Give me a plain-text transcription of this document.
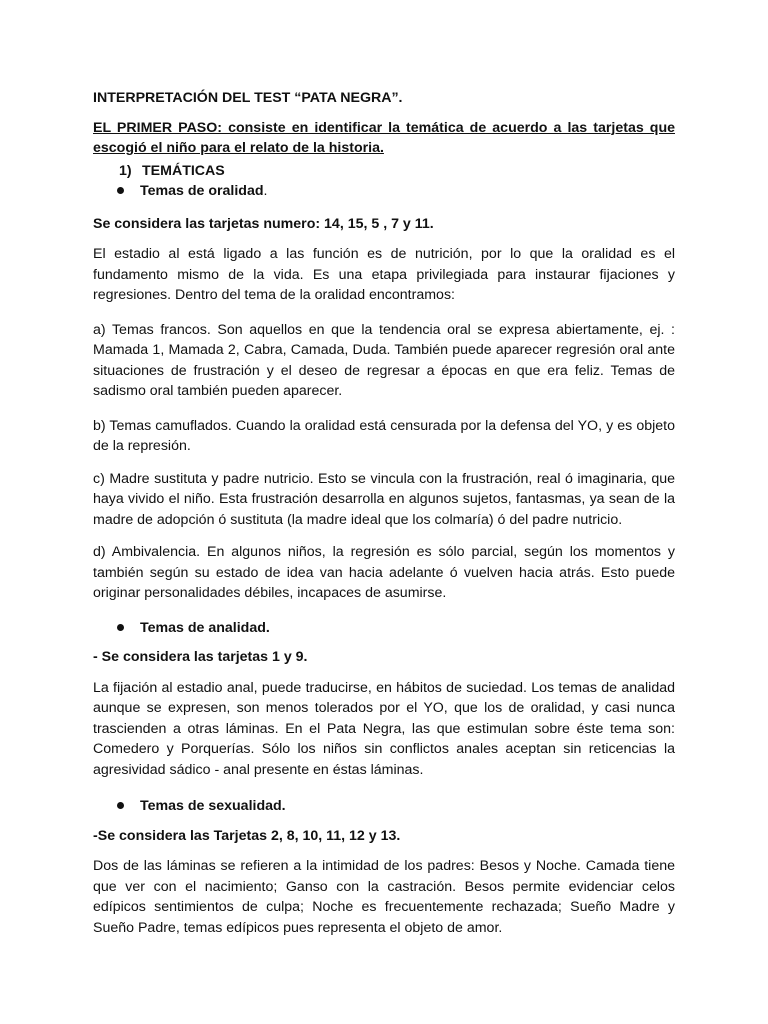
INTERPRETACIÓN DEL TEST “PATA NEGRA”.

EL PRIMER PASO: consiste en identificar la temática de acuerdo a las tarjetas que escogió el niño para el relato de la historia.

1) TEMÁTICAS

Temas de oralidad.

Se considera las tarjetas numero: 14, 15, 5 , 7 y 11.

El estadio al está ligado a las función es de nutrición, por lo que la oralidad es el fundamento mismo de la vida. Es una etapa privilegiada para instaurar fijaciones y regresiones. Dentro del tema de la oralidad encontramos:

a) Temas francos. Son aquellos en que la tendencia oral se expresa abiertamente, ej. : Mamada 1, Mamada 2, Cabra, Camada, Duda. También puede aparecer regresión oral ante situaciones de frustración y el deseo de regresar a épocas en que era feliz. Temas de sadismo oral también pueden aparecer.

b) Temas camuflados. Cuando la oralidad está censurada por la defensa del YO, y es objeto de la represión.

c) Madre sustituta y padre nutricio. Esto se vincula con la frustración, real ó imaginaria, que haya vivido el niño. Esta frustración desarrolla en algunos sujetos, fantasmas, ya sean de la madre de adopción ó sustituta (la madre ideal que los colmaría) ó del padre nutricio.

d) Ambivalencia. En algunos niños, la regresión es sólo parcial, según los momentos y también según su estado de idea van hacia adelante ó vuelven hacia atrás. Esto puede originar personalidades débiles, incapaces de asumirse.

Temas de analidad.

- Se considera las tarjetas 1 y 9.

La fijación al estadio anal, puede traducirse, en hábitos de suciedad. Los temas de analidad aunque se expresen, son menos tolerados por el YO, que los de oralidad, y casi nunca trascienden a otras láminas. En el Pata Negra, las que estimulan sobre éste tema son: Comedero y Porquerías. Sólo los niños sin conflictos anales aceptan sin reticencias la agresividad sádico - anal presente en éstas láminas.

Temas de sexualidad.

-Se considera las Tarjetas 2, 8, 10, 11, 12 y 13.

Dos de las láminas se refieren a la intimidad de los padres: Besos y Noche. Camada tiene que ver con el nacimiento; Ganso con la castración. Besos permite evidenciar celos edípicos sentimientos de culpa; Noche es frecuentemente rechazada; Sueño Madre y Sueño Padre, temas edípicos pues representa el objeto de amor.
